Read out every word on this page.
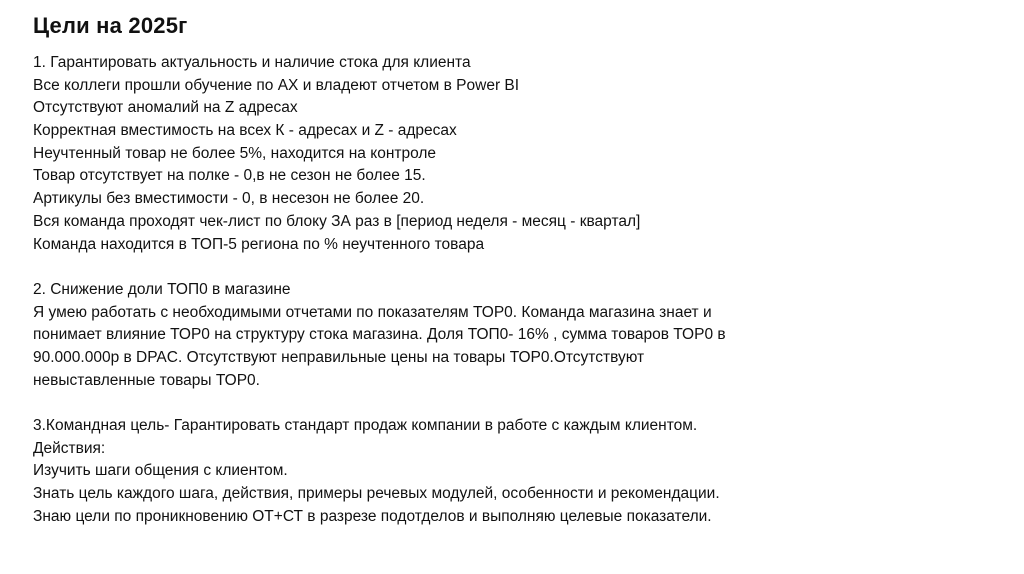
Цели на 2025г
1. Гарантировать актуальность и наличие стока для клиента
Все коллеги прошли обучение по АХ и владеют отчетом в Power BI
Отсутствуют аномалий на Z адресах
Корректная вместимость на всех К - адресах и Z - адресах
Неучтенный товар не более 5%, находится на контроле
Товар отсутствует на полке - 0,в не сезон не более 15.
Артикулы без вместимости - 0, в несезон не более 20.
Вся команда проходят чек-лист по блоку ЗА раз в [период неделя - месяц - квартал]
Команда находится в ТОП-5 региона по % неучтенного товара
2. Снижение доли ТОП0 в магазине
Я умею работать с необходимыми отчетами по показателям ТОР0. Команда магазина знает и
понимает влияние ТОР0 на структуру стока магазина. Доля ТОП0- 16% , сумма товаров ТОР0 в
90.000.000р в DPAC. Отсутствуют неправильные цены на товары ТОР0.Отсутствуют
невыставленные товары ТОР0.
3.Командная цель- Гарантировать стандарт продаж компании в работе с каждым клиентом.
Действия:
Изучить шаги общения с клиентом.
Знать цель каждого шага, действия, примеры речевых модулей, особенности и рекомендации.
Знаю цели по проникновению ОТ+СТ в разрезе подотделов и выполняю целевые показатели.
